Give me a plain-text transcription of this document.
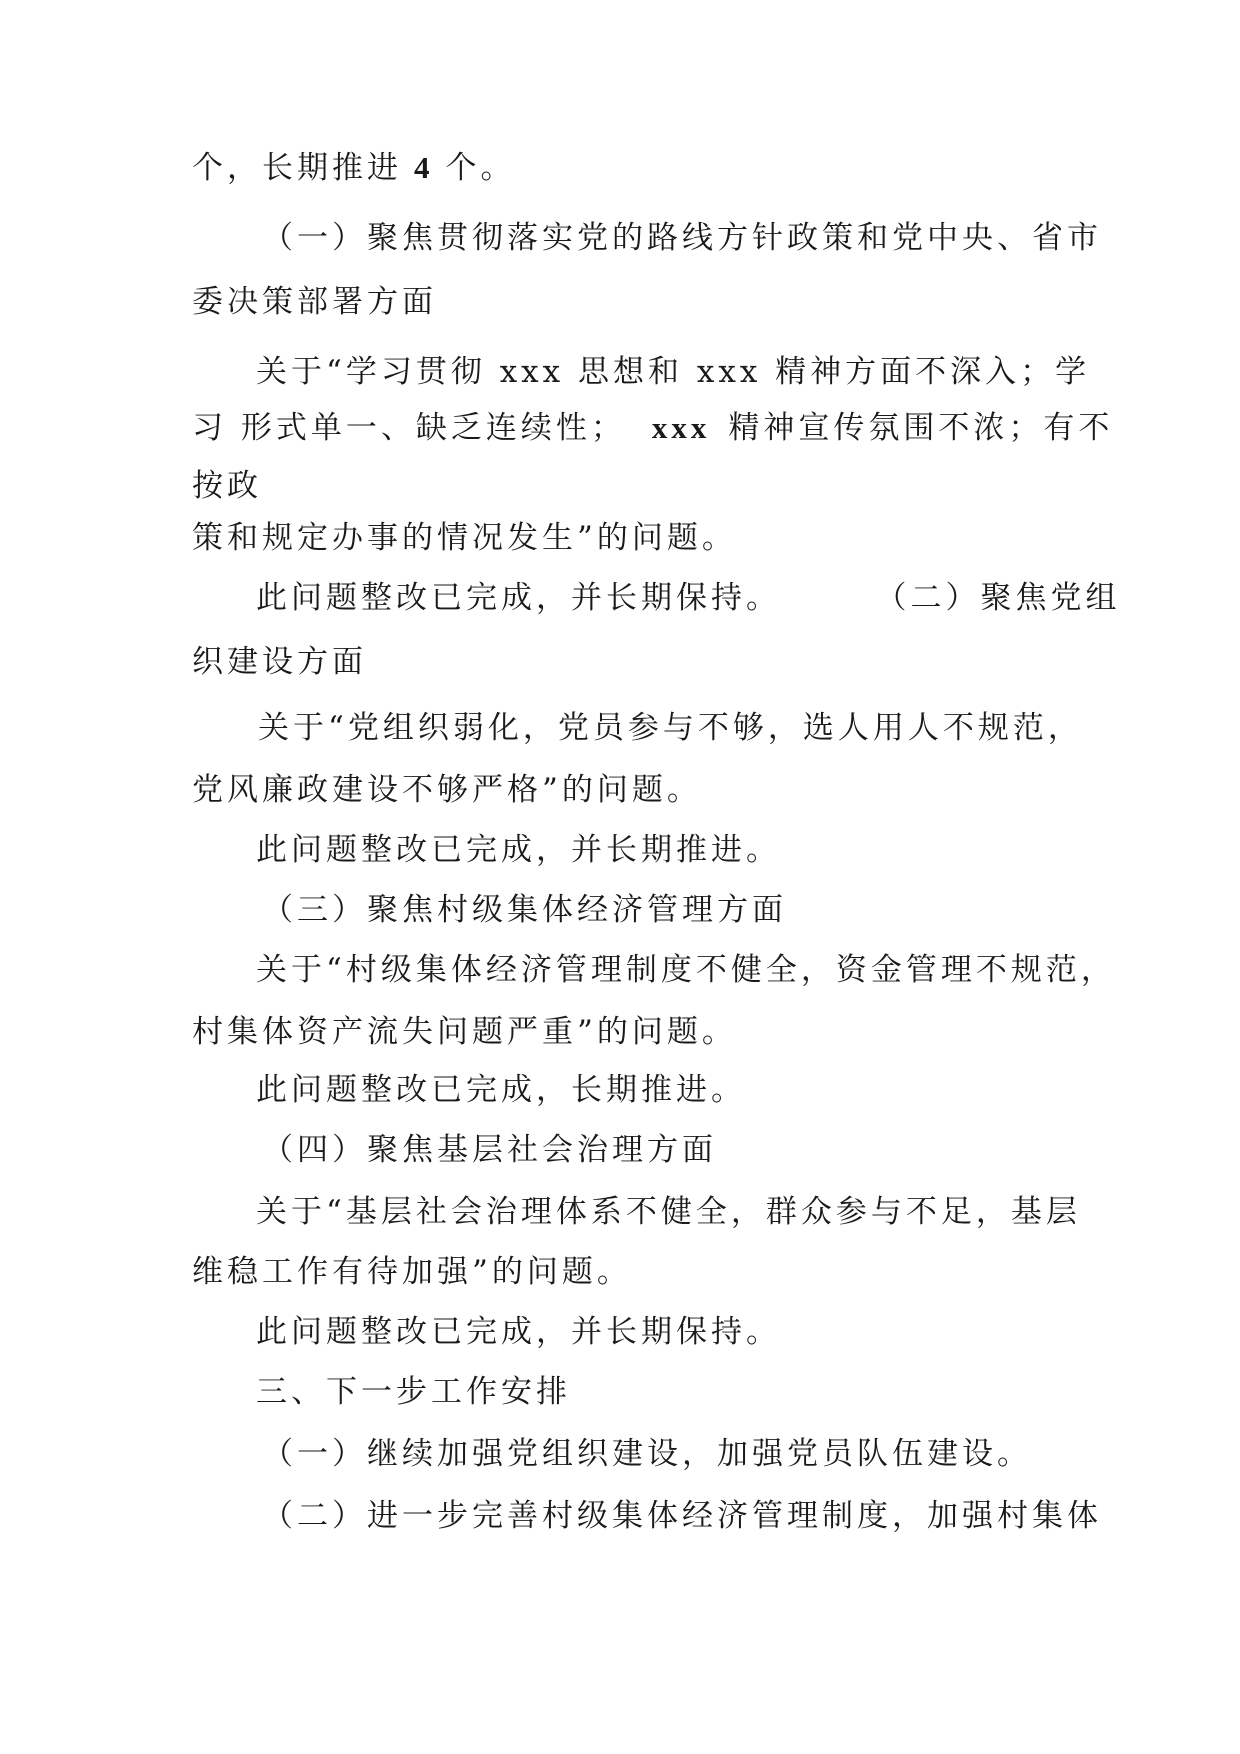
个，长期推进 4 个。
（一）聚焦贯彻落实党的路线方针政策和党中央、省市
委决策部署方面
关于“学习贯彻 xxx 思想和 xxx 精神方面不深入；学
习 形式单一、缺乏连续性； xxx 精神宣传氛围不浓；有不
按政
策和规定办事的情况发生”的问题。
此问题整改已完成，并长期保持。	（二）聚焦党组
织建设方面
关于“党组织弱化，党员参与不够，选人用人不规范，
党风廉政建设不够严格”的问题。
此问题整改已完成，并长期推进。
（三）聚焦村级集体经济管理方面
关于“村级集体经济管理制度不健全，资金管理不规范，
村集体资产流失问题严重”的问题。
此问题整改已完成，长期推进。
（四）聚焦基层社会治理方面
关于“基层社会治理体系不健全，群众参与不足，基层
维稳工作有待加强”的问题。
此问题整改已完成，并长期保持。
三、下一步工作安排
（一）继续加强党组织建设，加强党员队伍建设。
（二）进一步完善村级集体经济管理制度，加强村集体
